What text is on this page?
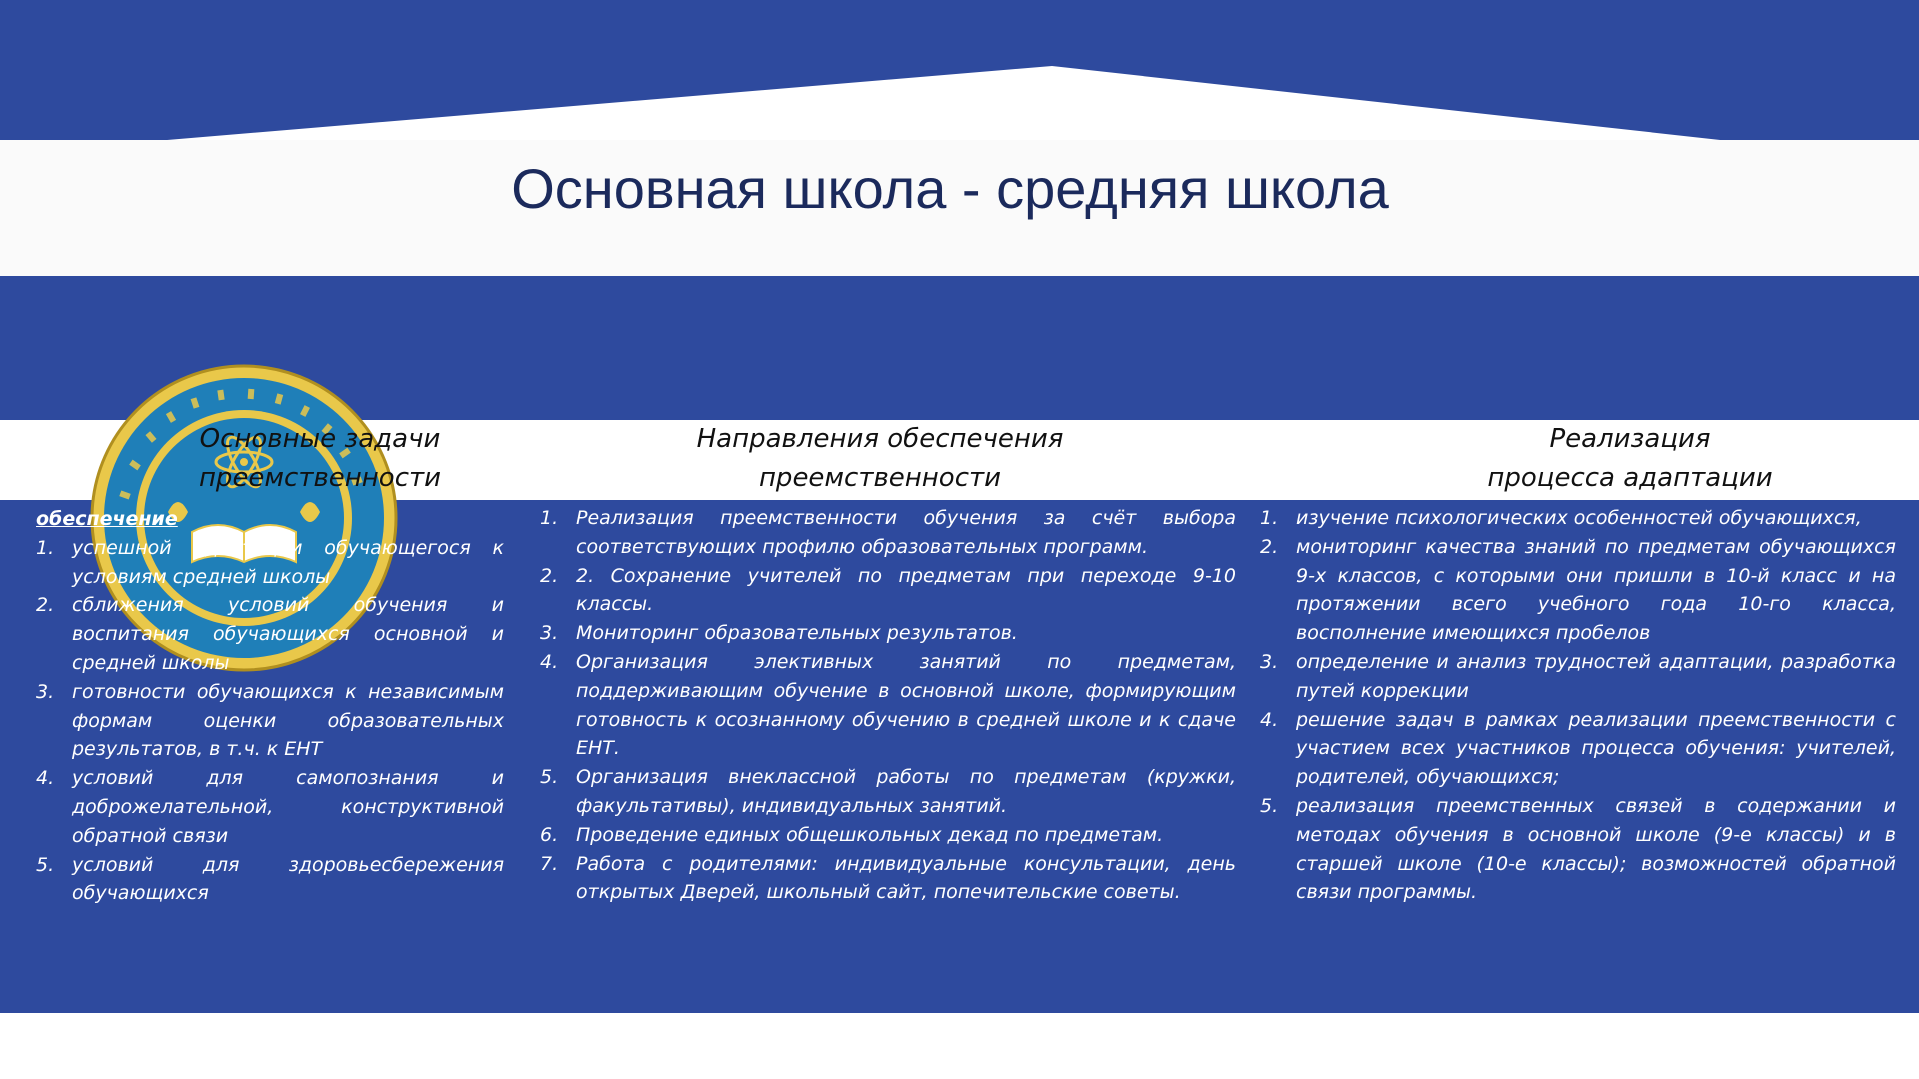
Основная школа - средняя школа
Основные задачи
преемственности
Направления обеспечения
преемственности
Реализация
процесса адаптации
обеспечение
1. успешной адаптации обучающегося к условиям средней школы
2. сближения условий обучения и воспитания обучающихся основной и средней школы
3. готовности обучающихся к независимым формам оценки образовательных результатов, в т.ч. к ЕНТ
4. условий для самопознания и доброжелательной, конструктивной обратной связи
5. условий для здоровьесбережения обучающихся
1. Реализация преемственности обучения за счёт выбора соответствующих профилю образовательных программ.
2. 2. Сохранение учителей по предметам при переходе 9-10 классы.
3. Мониторинг образовательных результатов.
4. Организация элективных занятий по предметам, поддерживающим обучение в основной школе, формирующим готовность к осознанному обучению в средней школе и к сдаче ЕНТ.
5. Организация внеклассной работы по предметам (кружки, факультативы), индивидуальных занятий.
6. Проведение единых общешкольных декад по предметам.
7. Работа с родителями: индивидуальные консультации, день открытых Дверей, школьный сайт, попечительские советы.
1. изучение психологических особенностей обучающихся,
2. мониторинг качества знаний по предметам обучающихся 9-х классов, с которыми они пришли в 10-й класс и на протяжении всего учебного года 10-го класса, восполнение имеющихся пробелов
3. определение и анализ трудностей адаптации, разработка путей коррекции
4. решение задач в рамках реализации преемственности с участием всех участников процесса обучения: учителей, родителей, обучающихся;
5. реализация преемственных связей в содержании и методах обучения в основной школе (9-е классы) и в старшей школе (10-е классы); возможностей обратной связи программы.
